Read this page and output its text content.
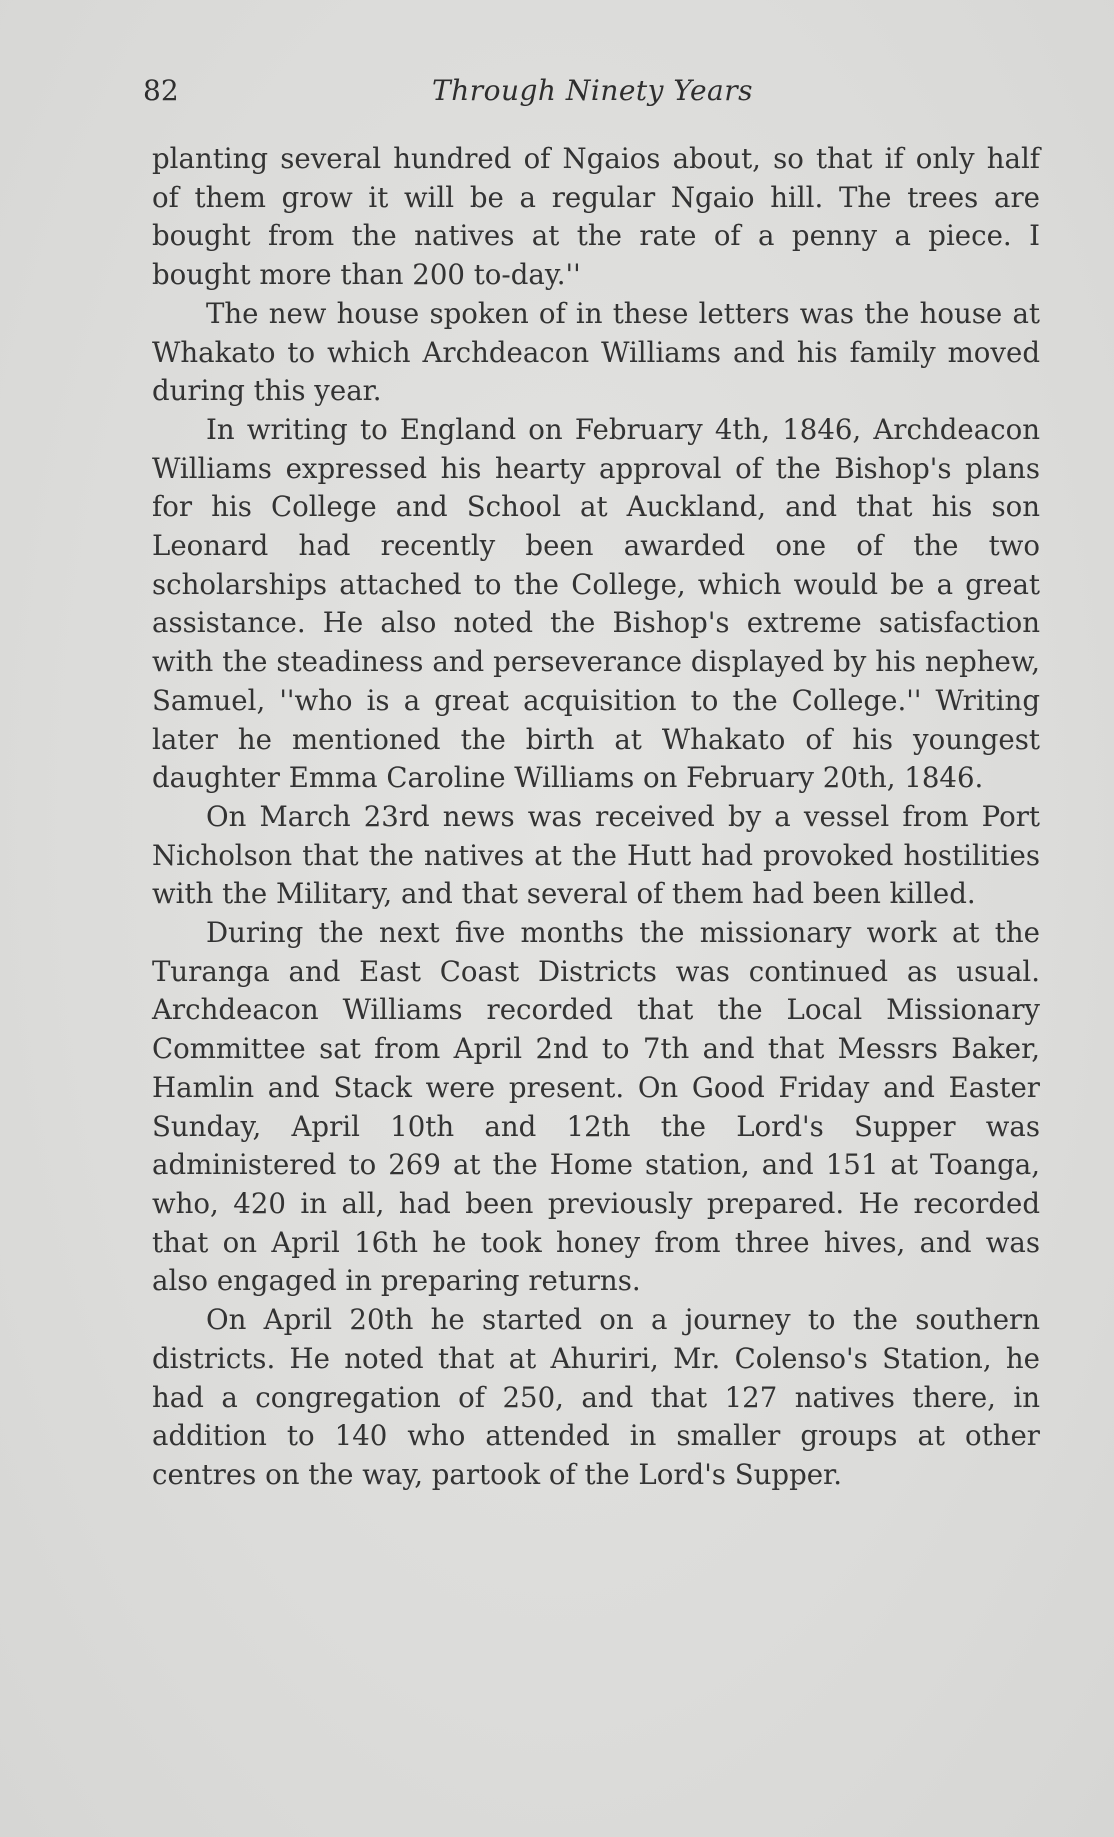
82	Through Ninety Years

planting several hundred of Ngaios about, so that if only half of them grow it will be a regular Ngaio hill. The trees are bought from the natives at the rate of a penny a piece. I bought more than 200 to-day.''

The new house spoken of in these letters was the house at Whakato to which Archdeacon Williams and his family moved during this year.

In writing to England on February 4th, 1846, Archdeacon Williams expressed his hearty approval of the Bishop's plans for his College and School at Auckland, and that his son Leonard had recently been awarded one of the two scholarships attached to the College, which would be a great assistance. He also noted the Bishop's extreme satisfaction with the steadiness and perseverance displayed by his nephew, Samuel, ''who is a great acquisition to the College.'' Writing later he mentioned the birth at Whakato of his youngest daughter Emma Caroline Williams on February 20th, 1846.

On March 23rd news was received by a vessel from Port Nicholson that the natives at the Hutt had provoked hostilities with the Military, and that several of them had been killed.

During the next five months the missionary work at the Turanga and East Coast Districts was continued as usual. Archdeacon Williams recorded that the Local Missionary Committee sat from April 2nd to 7th and that Messrs Baker, Hamlin and Stack were present. On Good Friday and Easter Sunday, April 10th and 12th the Lord's Supper was administered to 269 at the Home station, and 151 at Toanga, who, 420 in all, had been previously prepared. He recorded that on April 16th he took honey from three hives, and was also engaged in preparing returns.

On April 20th he started on a journey to the southern districts. He noted that at Ahuriri, Mr. Colenso's Station, he had a congregation of 250, and that 127 natives there, in addition to 140 who attended in smaller groups at other centres on the way, partook of the Lord's Supper.
